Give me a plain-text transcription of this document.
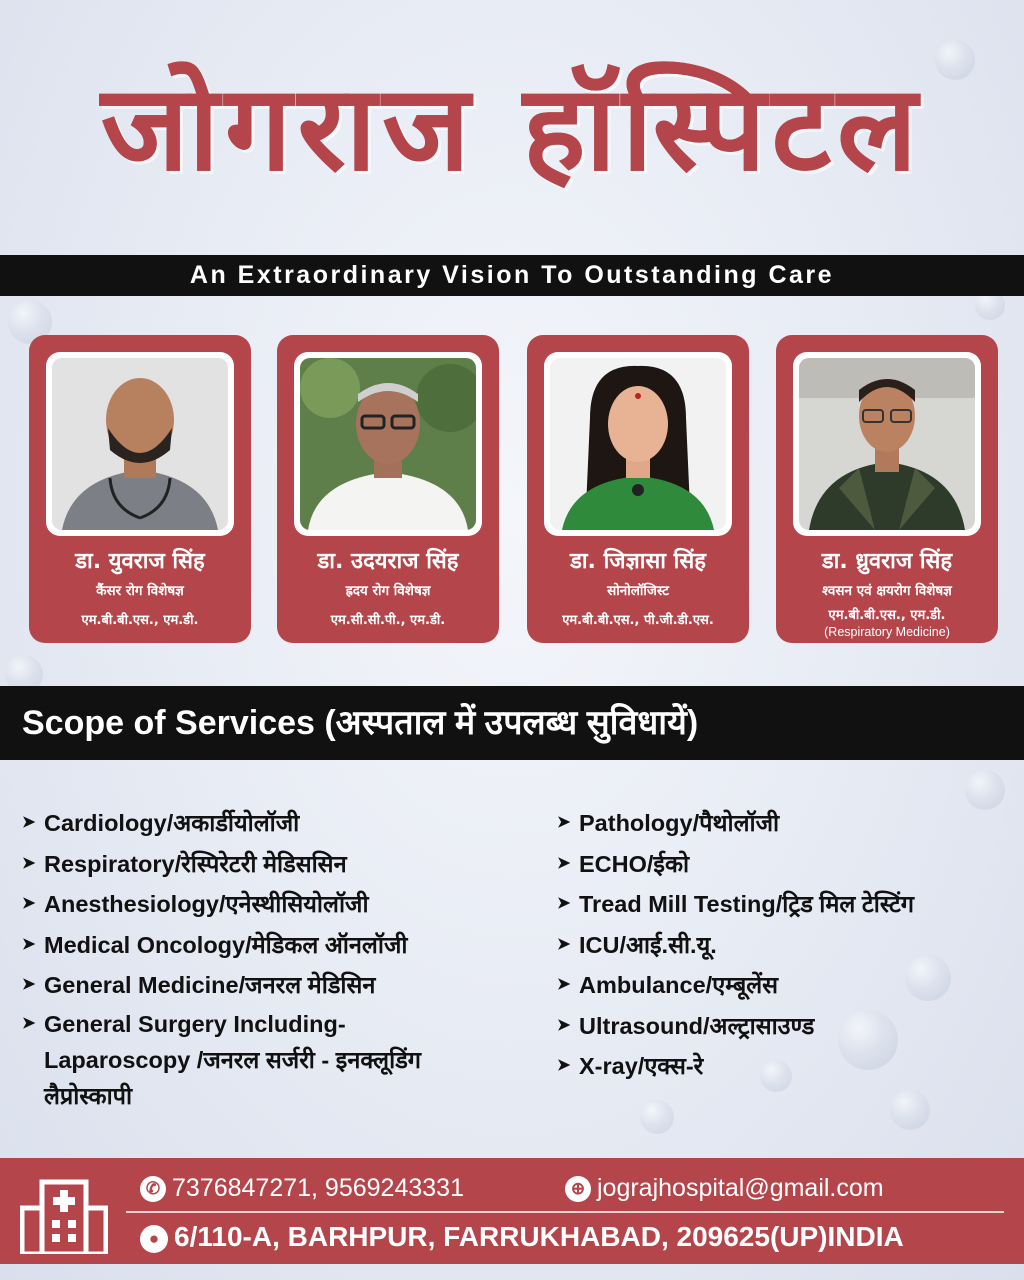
जोगराज हॉस्पिटल
An Extraordinary Vision To Outstanding Care
डा. युवराज सिंह
कैंसर रोग विशेषज्ञ
एम.बी.बी.एस., एम.डी.
डा. उदयराज सिंह
ह्रदय रोग विशेषज्ञ
एम.सी.सी.पी., एम.डी.
डा. जिज्ञासा सिंह
सोनोलॉजिस्ट
एम.बी.बी.एस., पी.जी.डी.एस.
डा. ध्रुवराज सिंह
श्वसन एवं क्षयरोग विशेषज्ञ
एम.बी.बी.एस., एम.डी.
(Respiratory Medicine)
Scope of Services (अस्पताल में उपलब्ध सुविधायें)
➤ Cardiology/अकार्डीयोलॉजी
➤ Respiratory/रेस्पिरेटरी मेडिससिन
➤ Anesthesiology/एनेस्थीसियोलॉजी
➤ Medical Oncology/मेडिकल ऑनलॉजी
➤ General Medicine/जनरल मेडिसिन
➤ General Surgery Including- Laparoscopy /जनरल सर्जरी - इनक्लूडिंग लैप्रोस्कापी
➤ Pathology/पैथोलॉजी
➤ ECHO/ईको
➤ Tread Mill Testing/ट्रिड मिल टेस्टिंग
➤ ICU/आई.सी.यू.
➤ Ambulance/एम्बूलेंस
➤ Ultrasound/अल्ट्रासाउण्ड
➤ X-ray/एक्स-रे
✆ 7376847271, 9569243331	⊕ jograjhospital@gmail.com
● 6/110-A, BARHPUR, FARRUKHABAD, 209625(UP)INDIA
